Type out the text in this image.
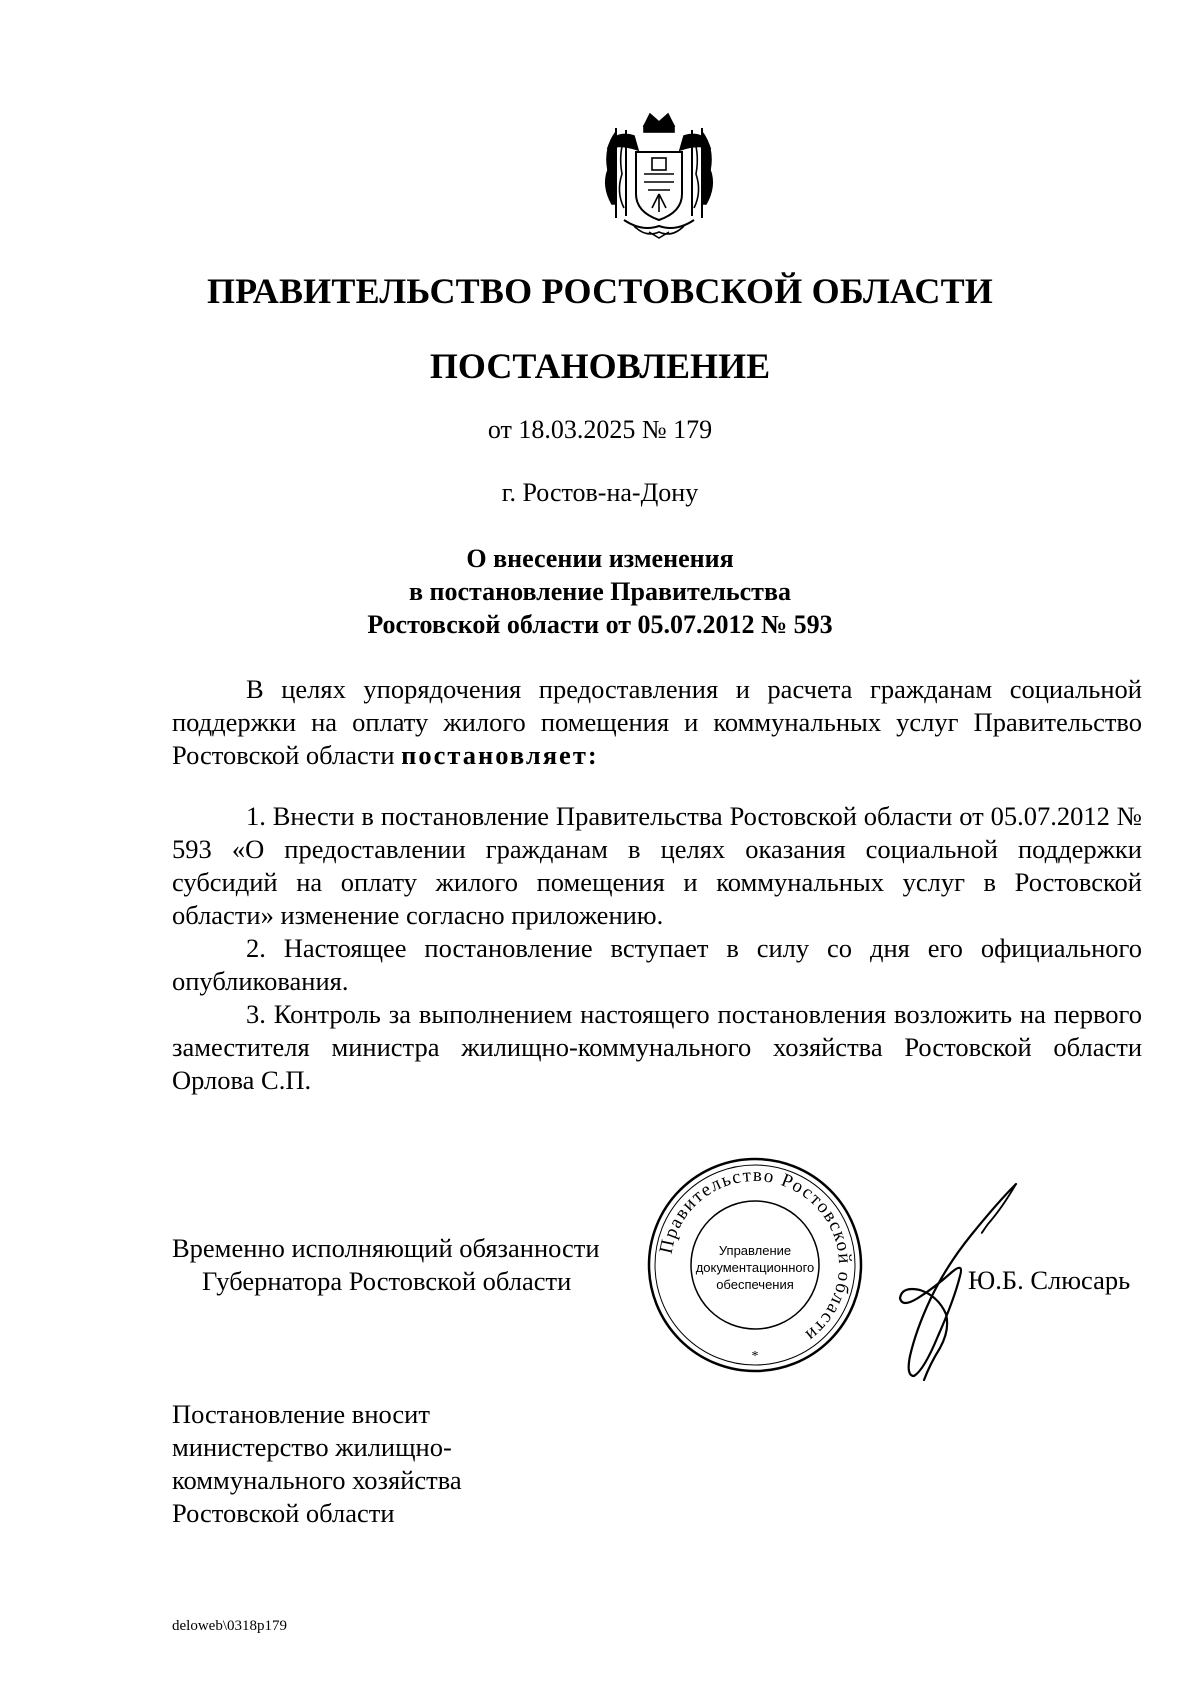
ПРАВИТЕЛЬСТВО РОСТОВСКОЙ ОБЛАСТИ
ПОСТАНОВЛЕНИЕ
от 18.03.2025 № 179
г. Ростов-на-Дону
О внесении изменения
в постановление Правительства
Ростовской области от 05.07.2012 № 593

В целях упорядочения предоставления и расчета гражданам социальной поддержки на оплату жилого помещения и коммунальных услуг Правительство Ростовской области постановляет:

1. Внести в постановление Правительства Ростовской области от 05.07.2012 № 593 «О предоставлении гражданам в целях оказания социальной поддержки субсидий на оплату жилого помещения и коммунальных услуг в Ростовской области» изменение согласно приложению.

2. Настоящее постановление вступает в силу со дня его официального опубликования.

3. Контроль за выполнением настоящего постановления возложить на первого заместителя министра жилищно-коммунального хозяйства Ростовской области Орлова С.П.

Временно исполняющий обязанности
Губернатора Ростовской области
Правительство Ростовской области
Управление
документационного
обеспечения
*
Ю.Б. Слюсарь
Постановление вносит
министерство жилищно-
коммунального хозяйства
Ростовской области
deloweb\0318p179
